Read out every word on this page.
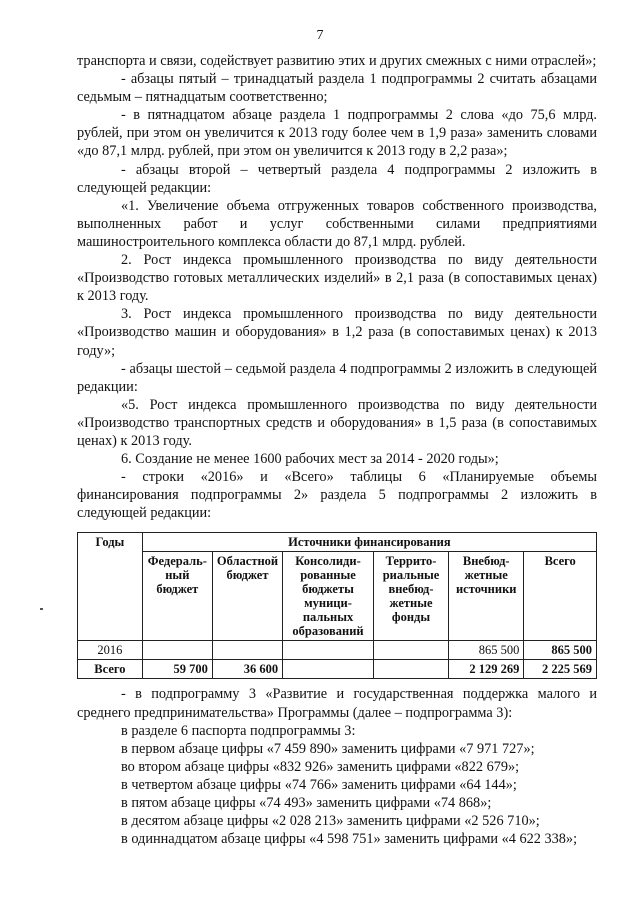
7

транспорта и связи, содействует развитию этих и других смежных с ними отраслей»;

- абзацы пятый – тринадцатый раздела 1 подпрограммы 2 считать абзацами седьмым – пятнадцатым соответственно;

- в пятнадцатом абзаце раздела 1 подпрограммы 2 слова «до 75,6 млрд. рублей, при этом он увеличится к 2013 году более чем в 1,9 раза» заменить словами «до 87,1 млрд. рублей, при этом он увеличится к 2013 году в 2,2 раза»;

- абзацы второй – четвертый раздела 4 подпрограммы 2 изложить в следующей редакции:

«1. Увеличение объема отгруженных товаров собственного производства, выполненных работ и услуг собственными силами предприятиями машиностроительного комплекса области до 87,1 млрд. рублей.

2. Рост индекса промышленного производства по виду деятельности «Производство готовых металлических изделий» в 2,1 раза (в сопоставимых ценах) к 2013 году.

3. Рост индекса промышленного производства по виду деятельности «Производство машин и оборудования» в 1,2 раза (в сопоставимых ценах) к 2013 году»;

- абзацы шестой – седьмой раздела 4 подпрограммы 2 изложить в следующей редакции:

«5. Рост индекса промышленного производства по виду деятельности «Производство транспортных средств и оборудования» в 1,5 раза (в сопоставимых ценах) к 2013 году.

6. Создание не менее 1600 рабочих мест за 2014 - 2020 годы»;

- строки «2016» и «Всего» таблицы 6 «Планируемые объемы финансирования подпрограммы 2» раздела 5 подпрограммы 2 изложить в следующей редакции:

Годы	Источники финансирования					
	Федераль-ный бюджет	Областной бюджет	Консолиди-рованные бюджеты муници-пальных образований	Террито-риальные внебюд-жетные фонды	Внебюд-жетные источники	Всего
2016					865 500	865 500
Всего	59 700	36 600			2 129 269	2 225 569

- в подпрограмму 3 «Развитие и государственная поддержка малого и среднего предпринимательства» Программы (далее – подпрограмма 3):

в разделе 6 паспорта подпрограммы 3:

в первом абзаце цифры «7 459 890» заменить цифрами «7 971 727»;

во втором абзаце цифры «832 926» заменить цифрами «822 679»;

в четвертом абзаце цифры «74 766» заменить цифрами «64 144»;

в пятом абзаце цифры «74 493» заменить цифрами «74 868»;

в десятом абзаце цифры «2 028 213» заменить цифрами «2 526 710»;

в одиннадцатом абзаце цифры «4 598 751» заменить цифрами «4 622 338»;
